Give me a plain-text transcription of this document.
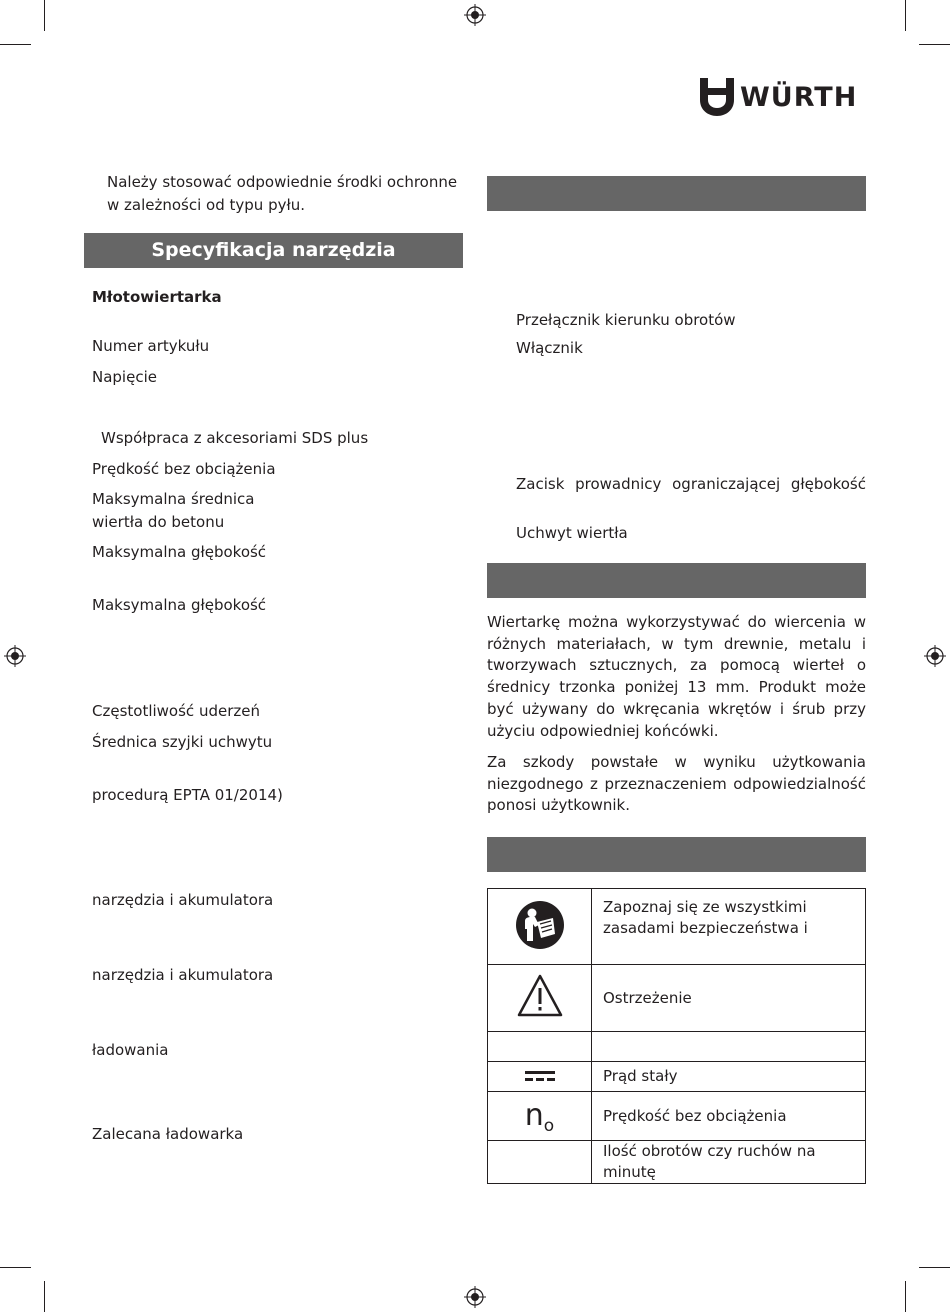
WÜRTH
Należy stosować odpowiednie środki ochronne w zależności od typu pyłu.
Specyfikacja narzędzia
Młotowiertarka
Numer artykułu
Napięcie
Współpraca z akcesoriami SDS plus
Prędkość bez obciążenia
Maksymalna średnica
wiertła do betonu
Maksymalna głębokość
Maksymalna głębokość
Częstotliwość uderzeń
Średnica szyjki uchwytu
procedurą EPTA 01/2014)
narzędzia i akumulatora
narzędzia i akumulatora
ładowania
Zalecana ładowarka
Przełącznik kierunku obrotów
Włącznik
Zacisk prowadnicy ograniczającej głębokość
Uchwyt wiertła
Wiertarkę można wykorzystywać do wiercenia w różnych materiałach, w tym drewnie, metalu i tworzywach sztucznych, za pomocą wierteł o średnicy trzonka poniżej 13 mm. Produkt może być używany do wkręcania wkrętów i śrub przy użyciu odpowiedniej końcówki.
Za szkody powstałe w wyniku użytkowania niezgodnego z przeznaczeniem odpowiedzialność ponosi użytkownik.
	Zapoznaj się ze wszystkimi zasadami bezpieczeństwa i
	Ostrzeżenie

	Prąd stały
no	Prędkość bez obciążenia
	Ilość obrotów czy ruchów na minutę
